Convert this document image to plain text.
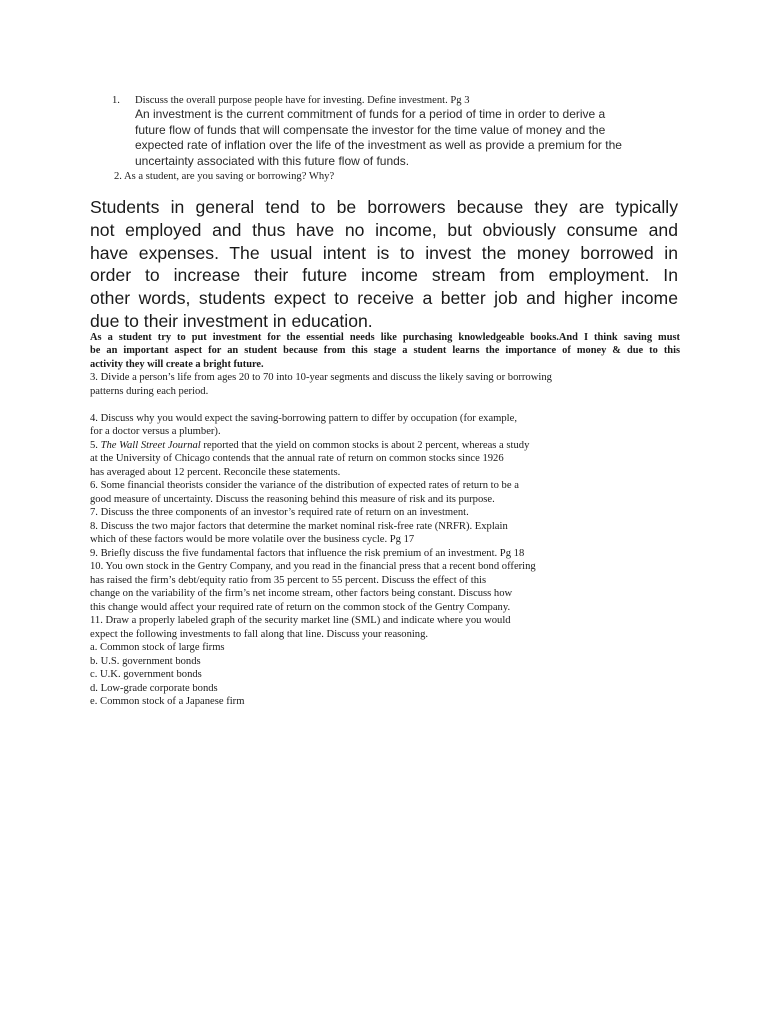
1. Discuss the overall purpose people have for investing. Define investment. Pg 3
An investment is the current commitment of funds for a period of time in order to derive a
future flow of funds that will compensate the investor for the time value of money and the
expected rate of inflation over the life of the investment as well as provide a premium for the
uncertainty associated with this future flow of funds.
2. As a student, are you saving or borrowing? Why?
Students in general tend to be borrowers because they are typically
not employed and thus have no income, but obviously consume and
have expenses. The usual intent is to invest the money borrowed in
order to increase their future income stream from employment. In
other words, students expect to receive a better job and higher income
due to their investment in education.
As a student try to put investment for the essential needs like purchasing knowledgeable books.And I think saving must
be an important aspect for an student because from this stage a student learns the importance of money & due to this
activity they will create a bright future.
3. Divide a person’s life from ages 20 to 70 into 10-year segments and discuss the likely saving or borrowing
patterns during each period.
4. Discuss why you would expect the saving-borrowing pattern to differ by occupation (for example,
for a doctor versus a plumber).
5. The Wall Street Journal reported that the yield on common stocks is about 2 percent, whereas a study
at the University of Chicago contends that the annual rate of return on common stocks since 1926
has averaged about 12 percent. Reconcile these statements.
6. Some financial theorists consider the variance of the distribution of expected rates of return to be a
good measure of uncertainty. Discuss the reasoning behind this measure of risk and its purpose.
7. Discuss the three components of an investor’s required rate of return on an investment.
8. Discuss the two major factors that determine the market nominal risk-free rate (NRFR). Explain
which of these factors would be more volatile over the business cycle. Pg 17
9. Briefly discuss the five fundamental factors that influence the risk premium of an investment. Pg 18
10. You own stock in the Gentry Company, and you read in the financial press that a recent bond offering
has raised the firm’s debt/equity ratio from 35 percent to 55 percent. Discuss the effect of this
change on the variability of the firm’s net income stream, other factors being constant. Discuss how
this change would affect your required rate of return on the common stock of the Gentry Company.
11. Draw a properly labeled graph of the security market line (SML) and indicate where you would
expect the following investments to fall along that line. Discuss your reasoning.
a. Common stock of large firms
b. U.S. government bonds
c. U.K. government bonds
d. Low-grade corporate bonds
e. Common stock of a Japanese firm
